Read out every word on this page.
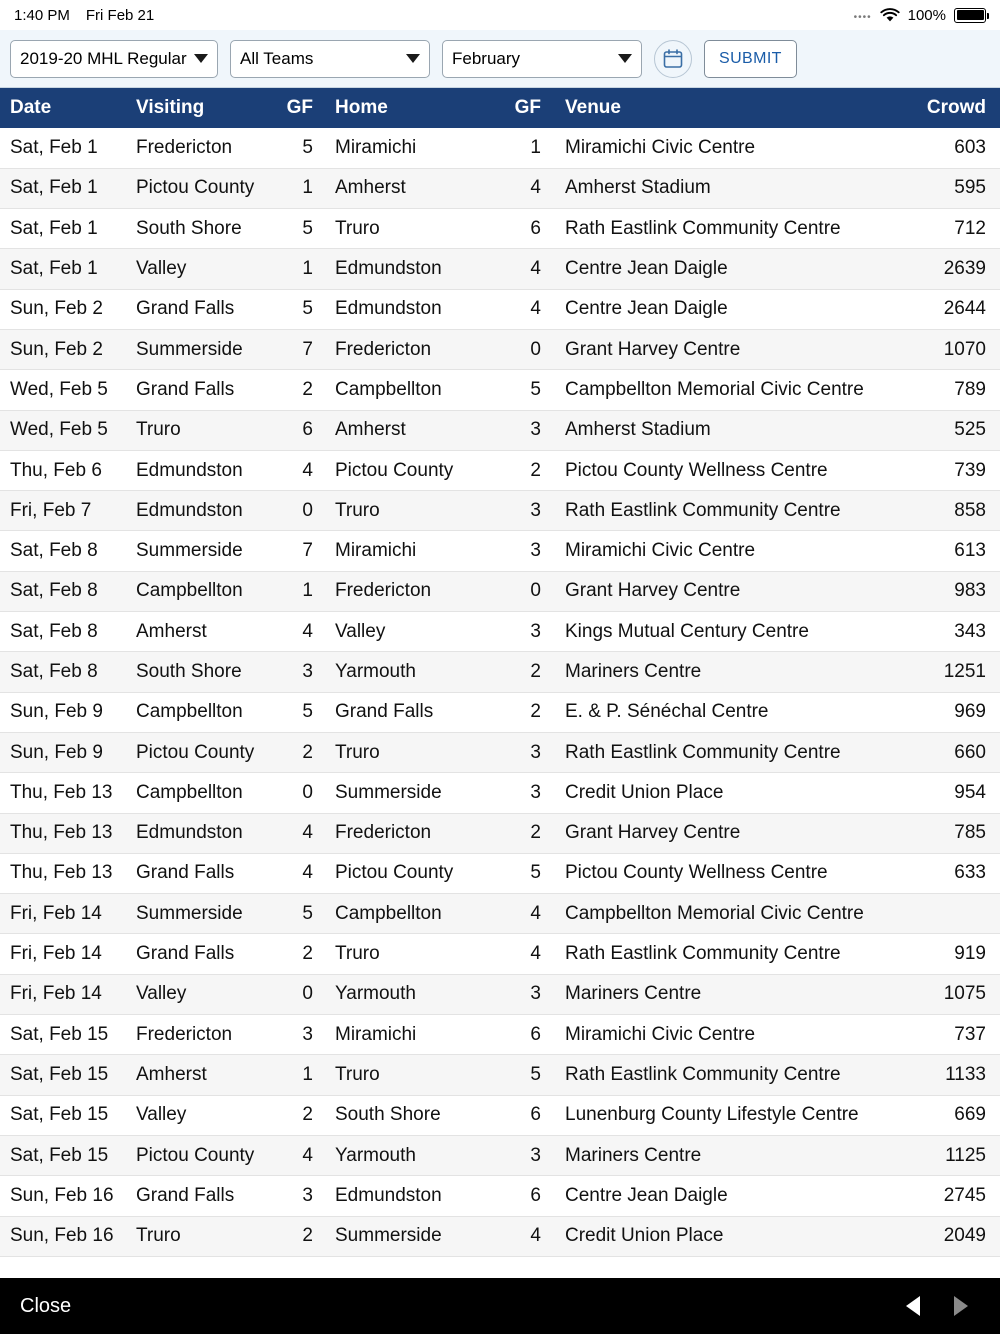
1:40 PM Fri Feb 21	•••• 100%
2019-20 MHL Regular	All Teams	February	SUBMIT
Date	Visiting	GF	Home	GF	Venue	Crowd
Sat, Feb 1	Fredericton	5	Miramichi	1	Miramichi Civic Centre	603
Sat, Feb 1	Pictou County	1	Amherst	4	Amherst Stadium	595
Sat, Feb 1	South Shore	5	Truro	6	Rath Eastlink Community Centre	712
Sat, Feb 1	Valley	1	Edmundston	4	Centre Jean Daigle	2639
Sun, Feb 2	Grand Falls	5	Edmundston	4	Centre Jean Daigle	2644
Sun, Feb 2	Summerside	7	Fredericton	0	Grant Harvey Centre	1070
Wed, Feb 5	Grand Falls	2	Campbellton	5	Campbellton Memorial Civic Centre	789
Wed, Feb 5	Truro	6	Amherst	3	Amherst Stadium	525
Thu, Feb 6	Edmundston	4	Pictou County	2	Pictou County Wellness Centre	739
Fri, Feb 7	Edmundston	0	Truro	3	Rath Eastlink Community Centre	858
Sat, Feb 8	Summerside	7	Miramichi	3	Miramichi Civic Centre	613
Sat, Feb 8	Campbellton	1	Fredericton	0	Grant Harvey Centre	983
Sat, Feb 8	Amherst	4	Valley	3	Kings Mutual Century Centre	343
Sat, Feb 8	South Shore	3	Yarmouth	2	Mariners Centre	1251
Sun, Feb 9	Campbellton	5	Grand Falls	2	E. & P. Sénéchal Centre	969
Sun, Feb 9	Pictou County	2	Truro	3	Rath Eastlink Community Centre	660
Thu, Feb 13	Campbellton	0	Summerside	3	Credit Union Place	954
Thu, Feb 13	Edmundston	4	Fredericton	2	Grant Harvey Centre	785
Thu, Feb 13	Grand Falls	4	Pictou County	5	Pictou County Wellness Centre	633
Fri, Feb 14	Summerside	5	Campbellton	4	Campbellton Memorial Civic Centre	
Fri, Feb 14	Grand Falls	2	Truro	4	Rath Eastlink Community Centre	919
Fri, Feb 14	Valley	0	Yarmouth	3	Mariners Centre	1075
Sat, Feb 15	Fredericton	3	Miramichi	6	Miramichi Civic Centre	737
Sat, Feb 15	Amherst	1	Truro	5	Rath Eastlink Community Centre	1133
Sat, Feb 15	Valley	2	South Shore	6	Lunenburg County Lifestyle Centre	669
Sat, Feb 15	Pictou County	4	Yarmouth	3	Mariners Centre	1125
Sun, Feb 16	Grand Falls	3	Edmundston	6	Centre Jean Daigle	2745
Sun, Feb 16	Truro	2	Summerside	4	Credit Union Place	2049
Close
